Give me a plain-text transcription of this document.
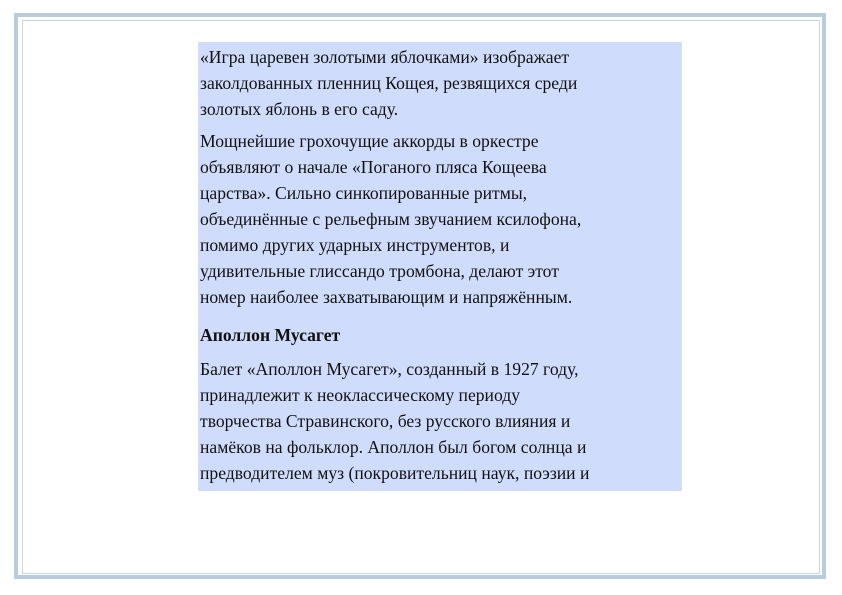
«Игра царевен золотыми яблочками» изображает
заколдованных пленниц Кощея, резвящихся среди
золотых яблонь в его саду.

Мощнейшие грохочущие аккорды в оркестре
объявляют о начале «Поганого пляса Кощеева
царства». Сильно синкопированные ритмы,
объединённые с рельефным звучанием ксилофона,
помимо других ударных инструментов, и
удивительные глиссандо тромбона, делают этот
номер наиболее захватывающим и напряжённым.

Аполлон Мусагет

Балет «Аполлон Мусагет», созданный в 1927 году,
принадлежит к неоклассическому периоду
творчества Стравинского, без русского влияния и
намёков на фольклор. Аполлон был богом солнца и
предводителем муз (покровительниц наук, поэзии и
